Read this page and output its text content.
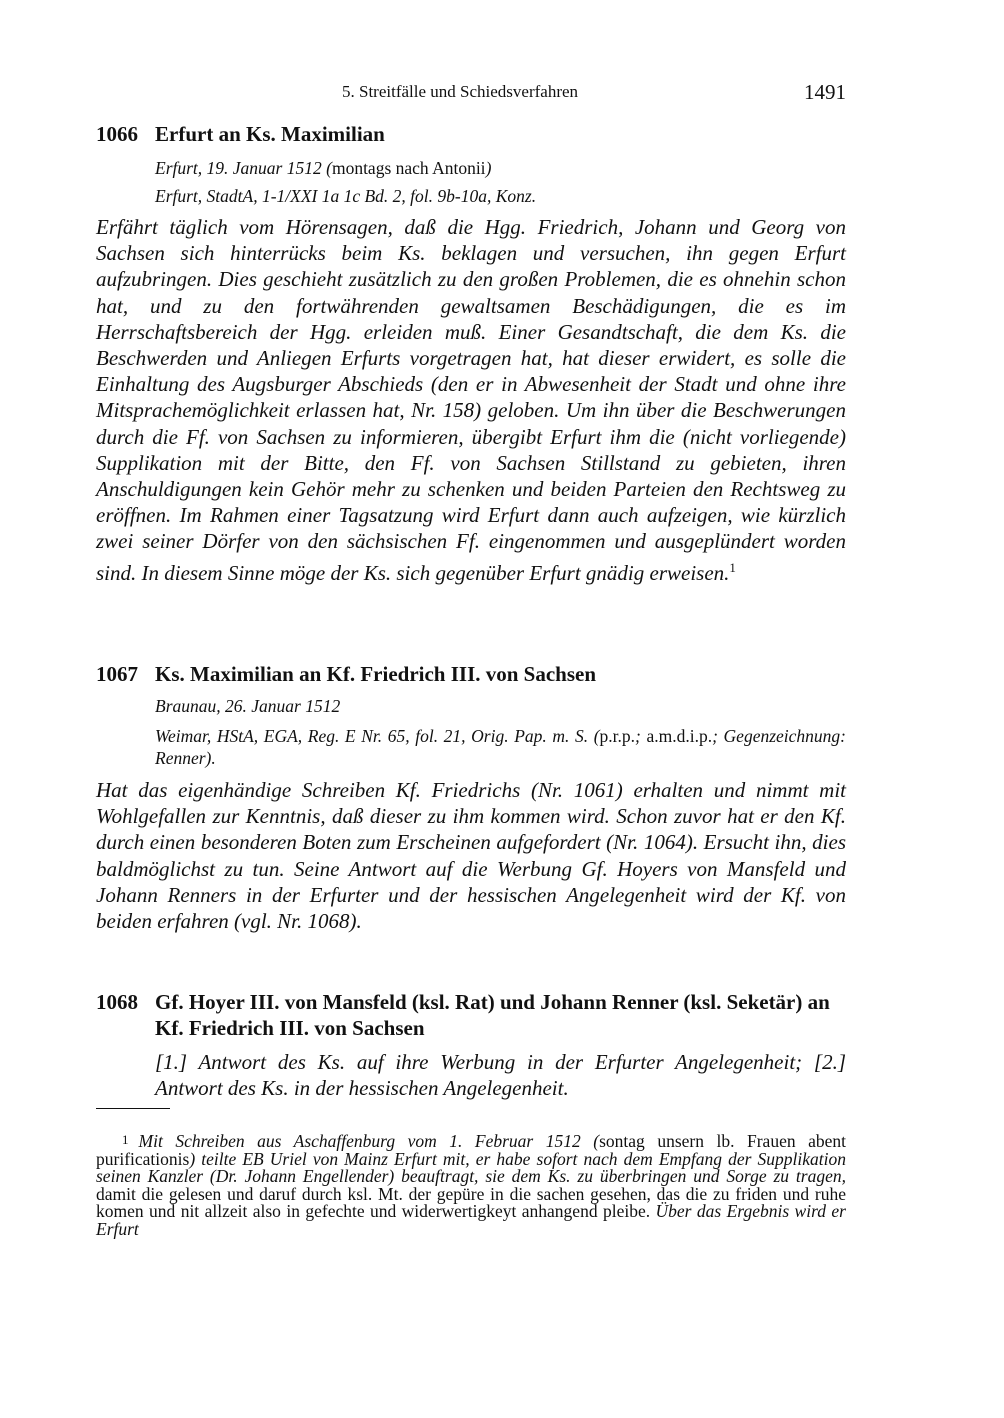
5. Streitfälle und Schiedsverfahren	1491
1066 Erfurt an Ks. Maximilian
Erfurt, 19. Januar 1512 (montags nach Antonii)
Erfurt, StadtA, 1-1/XXI 1a 1c Bd. 2, fol. 9b-10a, Konz.
Erfährt täglich vom Hörensagen, daß die Hgg. Friedrich, Johann und Georg von Sachsen sich hinterrücks beim Ks. beklagen und versuchen, ihn gegen Erfurt aufzubringen. Dies geschieht zusätzlich zu den großen Problemen, die es ohnehin schon hat, und zu den fortwährenden gewaltsamen Beschädigungen, die es im Herrschaftsbereich der Hgg. erleiden muß. Einer Gesandtschaft, die dem Ks. die Beschwerden und Anliegen Erfurts vorgetragen hat, hat dieser erwidert, es solle die Einhaltung des Augsburger Abschieds (den er in Abwesenheit der Stadt und ohne ihre Mitsprachemöglichkeit erlassen hat, Nr. 158) geloben. Um ihn über die Beschwerungen durch die Ff. von Sachsen zu informieren, übergibt Erfurt ihm die (nicht vorliegende) Supplikation mit der Bitte, den Ff. von Sachsen Stillstand zu gebieten, ihren Anschuldigungen kein Gehör mehr zu schenken und beiden Parteien den Rechtsweg zu eröffnen. Im Rahmen einer Tagsatzung wird Erfurt dann auch aufzeigen, wie kürzlich zwei seiner Dörfer von den sächsischen Ff. eingenommen und ausgeplündert worden sind. In diesem Sinne möge der Ks. sich gegenüber Erfurt gnädig erweisen.$^1$
1067 Ks. Maximilian an Kf. Friedrich III. von Sachsen
Braunau, 26. Januar 1512
Weimar, HStA, EGA, Reg. E Nr. 65, fol. 21, Orig. Pap. m. S. (p.r.p.; a.m.d.i.p.; Gegenzeichnung: Renner).
Hat das eigenhändige Schreiben Kf. Friedrichs (Nr. 1061) erhalten und nimmt mit Wohlgefallen zur Kenntnis, daß dieser zu ihm kommen wird. Schon zuvor hat er den Kf. durch einen besonderen Boten zum Erscheinen aufgefordert (Nr. 1064). Ersucht ihn, dies baldmöglichst zu tun. Seine Antwort auf die Werbung Gf. Hoyers von Mansfeld und Johann Renners in der Erfurter und der hessischen Angelegenheit wird der Kf. von beiden erfahren (vgl. Nr. 1068).
1068 Gf. Hoyer III. von Mansfeld (ksl. Rat) und Johann Renner (ksl. Seketär) an Kf. Friedrich III. von Sachsen
[1.] Antwort des Ks. auf ihre Werbung in der Erfurter Angelegenheit; [2.] Antwort des Ks. in der hessischen Angelegenheit.
1 Mit Schreiben aus Aschaffenburg vom 1. Februar 1512 (sontag unsern lb. Frauen abent purificationis) teilte EB Uriel von Mainz Erfurt mit, er habe sofort nach dem Empfang der Supplikation seinen Kanzler (Dr. Johann Engellender) beauftragt, sie dem Ks. zu überbringen und Sorge zu tragen, damit die gelesen und daruf durch ksl. Mt. der gepüre in die sachen gesehen, das die zu friden und ruhe komen und nit allzeit also in gefechte und widerwertigkeyt anhangend pleibe. Über das Ergebnis wird er Erfurt
